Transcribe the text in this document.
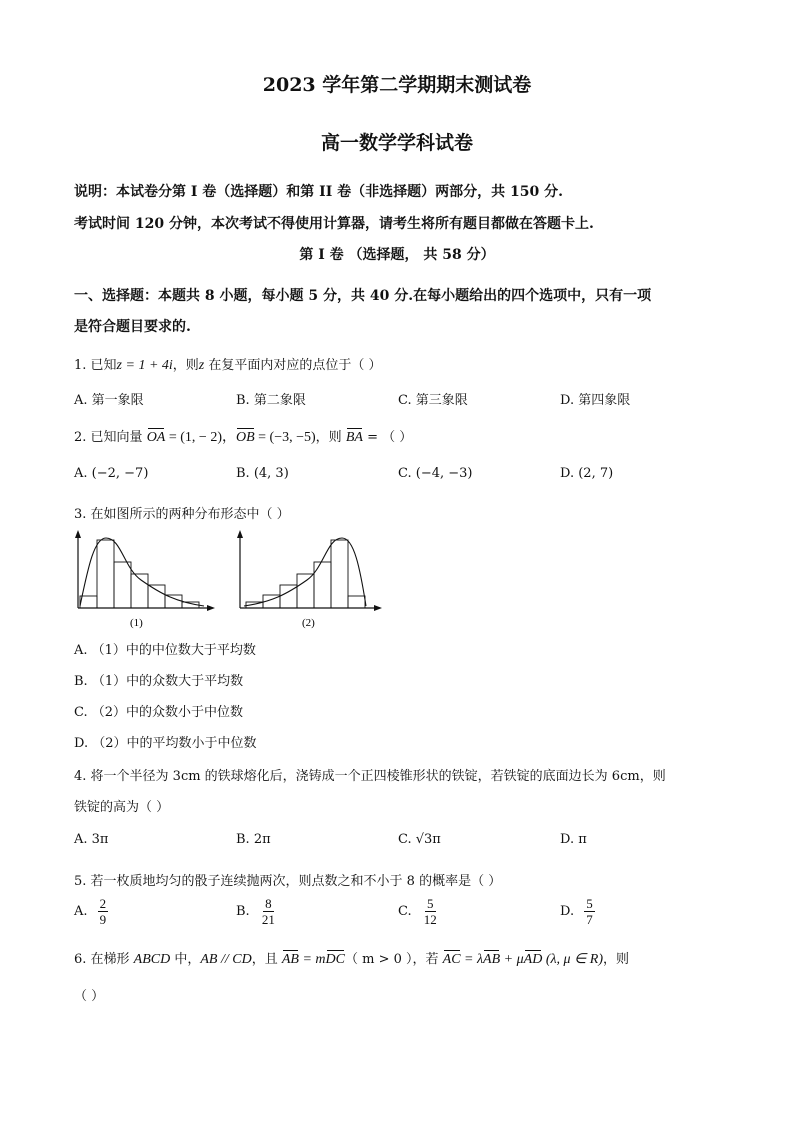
2023 学年第二学期期末测试卷
高一数学学科试卷
说明：本试卷分第 I 卷（选择题）和第 II 卷（非选择题）两部分，共 150 分.
考试时间 120 分钟，本次考试不得使用计算器，请考生将所有题目都做在答题卡上.
第 I 卷 （选择题， 共 58 分）
一、选择题：本题共 8 小题，每小题 5 分，共 40 分.在每小题给出的四个选项中，只有一项
是符合题目要求的.
1. 已知z = 1 + 4i，则z 在复平面内对应的点位于（ ）
A. 第一象限	B. 第二象限	C. 第三象限	D. 第四象限
2. 已知向量 OA = (1, − 2)，OB = (−3, −5)，则 BA = （ ）
A. (−2, −7)	B. (4, 3)	C. (−4, −3)	D. (2, 7)
3. 在如图所示的两种分布形态中（ ）
(1)	(2)
A. （1）中的中位数大于平均数
B. （1）中的众数大于平均数
C. （2）中的众数小于中位数
D. （2）中的平均数小于中位数
4. 将一个半径为 3cm 的铁球熔化后，浇铸成一个正四棱锥形状的铁锭，若铁锭的底面边长为 6cm，则
铁锭的高为（ ）
A. 3π	B. 2π	C. √3π	D. π
5. 若一枚质地均匀的骰子连续抛两次，则点数之和不小于 8 的概率是（ ）
A. $\frac{2}{9}$	B. $\frac{8}{21}$	C. $\frac{5}{12}$	D. $\frac{5}{7}$
6. 在梯形 ABCD 中，AB // CD，且 AB = mDC（ m > 0 ），若 AC = λAB + μAD (λ, μ ∈ R)，则
（ ）
